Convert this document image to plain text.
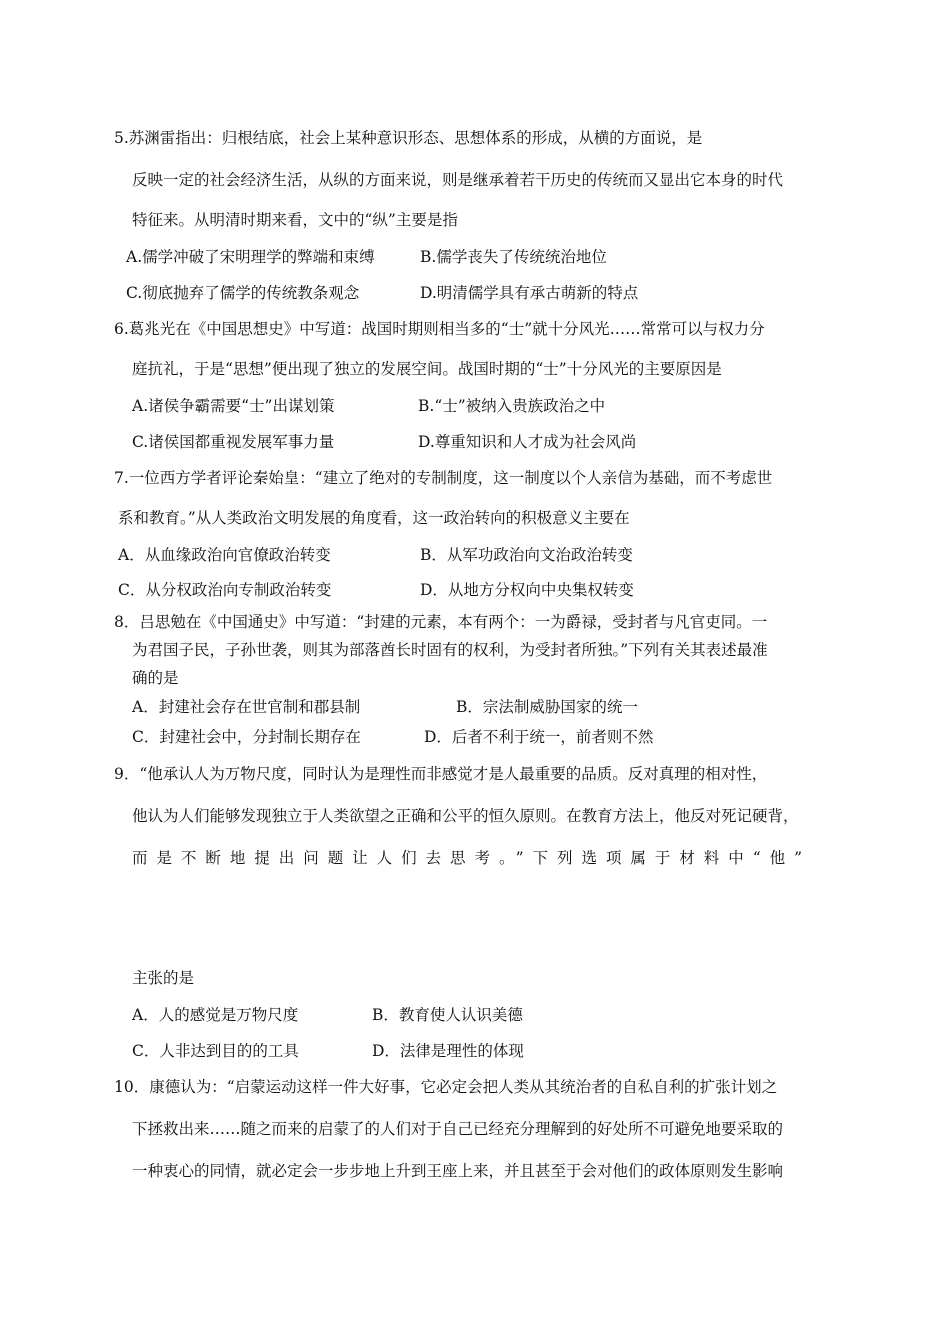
5.苏渊雷指出：归根结底，社会上某种意识形态、思想体系的形成，从横的方面说，是
反映一定的社会经济生活，从纵的方面来说，则是继承着若干历史的传统而又显出它本身的时代
特征来。从明清时期来看，文中的“纵”主要是指
A.儒学冲破了宋明理学的弊端和束缚	B.儒学丧失了传统统治地位
C.彻底抛弃了儒学的传统教条观念	D.明清儒学具有承古萌新的特点
6.葛兆光在《中国思想史》中写道：战国时期则相当多的“士”就十分风光……常常可以与权力分
庭抗礼，于是“思想”便出现了独立的发展空间。战国时期的“士”十分风光的主要原因是
A.诸侯争霸需要“士”出谋划策	B.“士”被纳入贵族政治之中
C.诸侯国都重视发展军事力量	D.尊重知识和人才成为社会风尚
7.一位西方学者评论秦始皇：“建立了绝对的专制制度，这一制度以个人亲信为基础，而不考虑世
系和教育。”从人类政治文明发展的角度看，这一政治转向的积极意义主要在
A．从血缘政治向官僚政治转变	B．从军功政治向文治政治转变
C．从分权政治向专制政治转变	D．从地方分权向中央集权转变
8．吕思勉在《中国通史》中写道：“封建的元素，本有两个：一为爵禄，受封者与凡官吏同。一
为君国子民，子孙世袭，则其为部落酋长时固有的权利，为受封者所独。”下列有关其表述最准
确的是
A．封建社会存在世官制和郡县制	B．宗法制威胁国家的统一
C．封建社会中，分封制长期存在	D．后者不利于统一，前者则不然
9．“他承认人为万物尺度，同时认为是理性而非感觉才是人最重要的品质。反对真理的相对性，
他认为人们能够发现独立于人类欲望之正确和公平的恒久原则。在教育方法上，他反对死记硬背，
而是不断地提出问题让人们去思考。”下列选项属于材料中“他”
主张的是
A．人的感觉是万物尺度	B．教育使人认识美德
C．人非达到目的的工具	D．法律是理性的体现
10．康德认为：“启蒙运动这样一件大好事，它必定会把人类从其统治者的自私自利的扩张计划之
下拯救出来……随之而来的启蒙了的人们对于自己已经充分理解到的好处所不可避免地要采取的
一种衷心的同情，就必定会一步步地上升到王座上来，并且甚至于会对他们的政体原则发生影响
